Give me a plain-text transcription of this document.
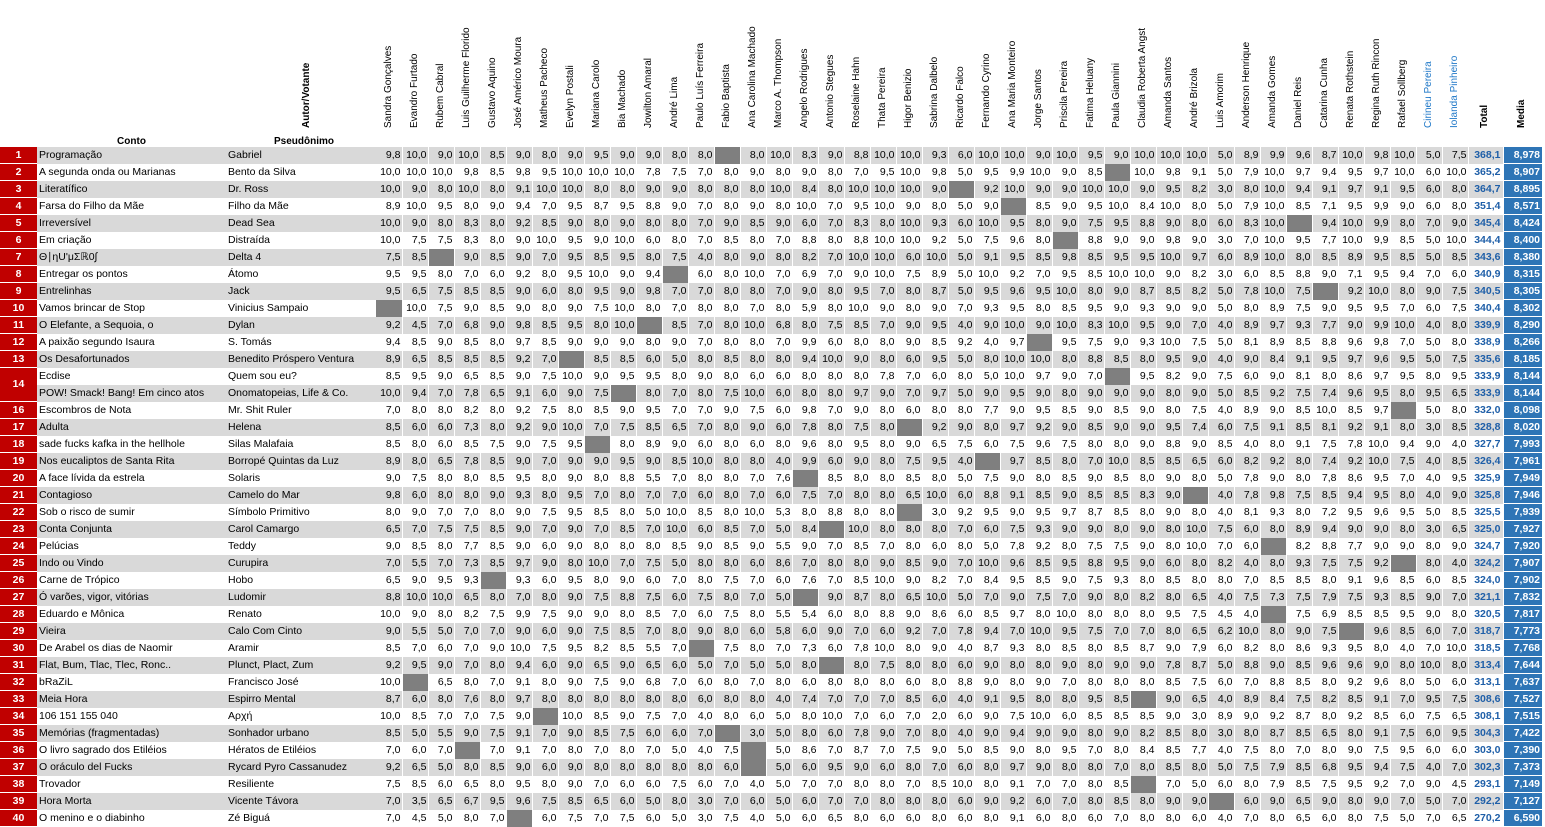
		Autor/Votante	Sandra Gonçalves	Evandro Furtado	Rubem Cabral	Luis Guilherme Florido	Gustavo Aquino	José Américo Moura	Matheus Pacheco	Evelyn Postali	Mariana Carolo	Bia Machado	Jowilton Amaral	André Lima	Paulo Luís Ferreira	Fabio Baptista	Ana Carolina Machado	Marco A. Thompson	Angelo Rodrigues	Antonio Stegues	Roselaine Hahn	Thata Pereira	Higor Benizio	Sabrina Dalbelo	Ricardo Falco	Fernando Cyrino	Ana Maria Monteiro	Jorge Santos	Priscila Pereira	Fatima Heluany	Paula Giannini	Claudia Roberta Angst	Amanda Santos	André Brizola	Luis Amorim	Anderson Henrique	Amanda Gomes	Daniel Reis	Catarina Cunha	Renata Rothstein	Regina Ruth Rincon	Rafael Sollberg	Cirineu Pereira	Iolanda Pinheiro	Total	Media

	Conto	Pseudônimo																																												
1	Programação	Gabriel	9,8	10,0	9,0	10,0	8,5	9,0	8,0	9,0	9,5	9,0	9,0	8,0	8,0		8,0	10,0	8,3	9,0	8,8	10,0	10,0	9,3	6,0	10,0	10,0	9,0	10,0	9,5	9,0	10,0	10,0	10,0	5,0	8,9	9,9	9,6	8,7	10,0	9,8	10,0	5,0	7,5	368,1	8,978
2	A segunda onda ou Marianas	Bento da Silva	10,0	10,0	10,0	9,8	8,5	9,8	9,5	10,0	10,0	10,0	7,8	7,5	7,0	8,0	9,0	8,0	9,0	8,0	7,0	9,5	10,0	9,8	5,0	9,5	9,9	10,0	9,0	8,5		10,0	9,8	9,1	5,0	7,9	10,0	9,7	9,4	9,5	9,7	10,0	6,0	10,0	365,2	8,907
3	Literatífico	Dr. Ross	10,0	9,0	8,0	10,0	8,0	9,1	10,0	10,0	8,0	8,0	9,0	9,0	8,0	8,0	8,0	10,0	8,4	8,0	10,0	10,0	10,0	9,0		9,2	10,0	9,0	9,0	10,0	10,0	9,0	9,5	8,2	3,0	8,0	10,0	9,4	9,1	9,7	9,1	9,5	6,0	8,0	364,7	8,895
4	Farsa do Filho da Mãe	Filho da Mãe	8,9	10,0	9,5	8,0	9,0	9,4	7,0	9,5	8,7	9,5	8,8	9,0	7,0	8,0	9,0	8,0	10,0	7,0	9,5	10,0	9,0	8,0	5,0	9,0		8,5	9,0	9,5	10,0	8,4	10,0	8,0	5,0	7,9	10,0	8,5	7,1	9,5	9,9	9,0	6,0	8,0	351,4	8,571
5	Irreversível	Dead Sea	10,0	9,0	8,0	8,3	8,0	9,2	8,5	9,0	8,0	9,0	8,0	8,0	7,0	9,0	8,5	9,0	6,0	7,0	8,3	8,0	10,0	9,3	6,0	10,0	9,5	8,0	9,0	7,5	9,5	8,8	9,0	8,0	6,0	8,3	10,0		9,4	10,0	9,9	8,0	7,0	9,0	345,4	8,424
6	Em criação	Distraída	10,0	7,5	7,5	8,3	8,0	9,0	10,0	9,5	9,0	10,0	6,0	8,0	7,0	8,5	8,0	7,0	8,8	8,0	8,8	10,0	10,0	9,2	5,0	7,5	9,6	8,0		8,8	9,0	9,0	9,8	9,0	3,0	7,0	10,0	9,5	7,7	10,0	9,9	8,5	5,0	10,0	344,4	8,400
7	Θ∣ηU'μΣℝ0∫	Delta 4	7,5	8,5		9,0	8,5	9,0	7,0	9,5	8,5	9,5	8,0	7,5	4,0	8,0	9,0	8,0	8,2	7,0	10,0	10,0	6,0	10,0	5,0	9,1	9,5	8,5	9,8	8,5	9,5	9,5	10,0	9,7	6,0	8,9	10,0	8,0	8,5	8,9	9,5	8,5	5,0	8,5	343,6	8,380
8	Entregar os pontos	Átomo	9,5	9,5	8,0	7,0	6,0	9,2	8,0	9,5	10,0	9,0	9,4		6,0	8,0	10,0	7,0	6,9	7,0	9,0	10,0	7,5	8,9	5,0	10,0	9,2	7,0	9,5	8,5	10,0	10,0	9,0	8,2	3,0	6,0	8,5	8,8	9,0	7,1	9,5	9,4	7,0	6,0	340,9	8,315
9	Entrelinhas	Jack	9,5	6,5	7,5	8,5	8,5	9,0	6,0	8,0	9,5	9,0	9,8	7,0	7,0	8,0	8,0	7,0	9,0	8,0	9,5	7,0	8,0	8,7	5,0	9,5	9,6	9,5	10,0	8,0	9,0	8,7	8,5	8,2	5,0	7,8	10,0	7,5		9,2	10,0	8,0	9,0	7,5	340,5	8,305
10	Vamos brincar de Stop	Vinicius Sampaio		10,0	7,5	9,0	8,5	9,0	8,0	9,0	7,5	10,0	8,0	7,0	8,0	8,0	7,0	8,0	5,9	8,0	10,0	9,0	8,0	9,0	7,0	9,3	9,5	8,0	8,5	9,5	9,0	9,3	9,0	9,0	5,0	8,0	8,9	7,5	9,0	9,5	9,5	7,0	6,0	7,5	340,4	8,302
11	O Elefante, a Sequoia, o	Dylan	9,2	4,5	7,0	6,8	9,0	9,8	8,5	9,5	8,0	10,0		8,5	7,0	8,0	10,0	6,8	8,0	7,5	8,5	7,0	9,0	9,5	4,0	9,0	10,0	9,0	10,0	8,3	10,0	9,5	9,0	7,0	4,0	8,9	9,7	9,3	7,7	9,0	9,9	10,0	4,0	8,0	339,9	8,290
12	A paixão segundo Isaura	S. Tomás	9,4	8,5	9,0	8,5	8,0	9,7	8,5	9,0	9,0	9,0	8,0	9,0	7,0	8,0	8,0	7,0	9,9	6,0	8,0	8,0	9,0	8,5	9,2	4,0	9,7		9,5	7,5	9,0	9,3	10,0	7,5	5,0	8,1	8,9	8,5	8,8	9,6	9,8	7,0	5,0	8,0	338,9	8,266
13	Os Desafortunados	Benedito Próspero Ventura	8,9	6,5	8,5	8,5	8,5	9,2	7,0		8,5	8,5	6,0	5,0	8,0	8,5	8,0	8,0	9,4	10,0	9,0	8,0	6,0	9,5	5,0	8,0	10,0	10,0	8,0	8,8	8,5	8,0	9,5	9,0	4,0	9,0	8,4	9,1	9,5	9,7	9,6	9,5	5,0	7,5	335,6	8,185
14	Ecdise	Quem sou eu?	8,5	9,5	9,0	6,5	8,5	9,0	7,5	10,0	9,0	9,5	9,5	8,0	9,0	8,0	6,0	6,0	8,0	8,0	8,0	7,8	7,0	6,0	8,0	5,0	10,0	9,7	9,0	7,0		9,5	8,2	9,0	7,5	6,0	9,0	8,1	8,0	8,6	9,7	9,5	8,0	9,5	333,9	8,144
	POW! Smack! Bang! Em cinco atos	Onomatopeias, Life & Co.	10,0	9,4	7,0	7,8	6,5	9,1	6,0	9,0	7,5		8,0	7,0	8,0	7,5	10,0	6,0	8,0	8,0	9,7	9,0	7,0	9,7	5,0	9,0	9,5	9,0	8,0	9,0	9,0	9,0	8,0	9,0	5,0	8,5	9,2	7,5	7,4	9,6	9,5	8,0	9,5	6,5	333,9	8,144
16	Escombros de Nota	Mr. Shit Ruler	7,0	8,0	8,0	8,2	8,0	9,2	7,5	8,0	8,5	9,0	9,5	7,0	7,0	9,0	7,5	6,0	9,8	7,0	9,0	8,0	6,0	8,0	8,0	7,7	9,0	9,5	8,5	9,0	8,5	9,0	8,0	7,5	4,0	8,9	9,0	8,5	10,0	8,5	9,7		5,0	8,0	332,0	8,098
17	Adulta	Helena	8,5	6,0	6,0	7,3	8,0	9,2	9,0	10,0	7,0	7,5	8,5	6,5	7,0	8,0	9,0	6,0	7,8	8,0	7,5	8,0		9,2	9,0	8,0	9,7	9,2	9,0	8,5	9,0	9,0	9,5	7,4	6,0	7,5	9,1	8,5	8,1	9,2	9,1	8,0	3,0	8,5	328,8	8,020
18	sade fucks kafka in the hellhole	Silas Malafaia	8,5	8,0	6,0	8,5	7,5	9,0	7,5	9,5		8,0	8,9	9,0	6,0	8,0	6,0	8,0	9,6	8,0	9,5	8,0	9,0	6,5	7,5	6,0	7,5	9,6	7,5	8,0	8,0	9,0	8,8	9,0	8,5	4,0	8,0	9,1	7,5	7,8	10,0	9,4	9,0	4,0	327,7	7,993
19	Nos eucaliptos de Santa Rita	Borropé Quintas da Luz	8,9	8,0	6,5	7,8	8,5	9,0	7,0	9,0	9,0	9,5	9,0	8,5	10,0	8,0	8,0	4,0	9,9	6,0	9,0	8,0	7,5	9,5	4,0		9,7	8,5	8,0	7,0	10,0	8,5	8,5	6,5	6,0	8,2	9,2	8,0	7,4	9,2	10,0	7,5	4,0	8,5	326,4	7,961
20	A face lívida da estrela	Solaris	9,0	7,5	8,0	8,0	8,5	9,5	8,0	9,0	8,0	8,8	5,5	7,0	8,0	8,0	7,0	7,6		8,5	8,0	8,0	8,5	8,0	5,0	7,5	9,0	8,0	8,5	9,0	8,5	8,0	9,0	8,0	5,0	7,8	9,0	8,0	7,8	8,6	9,5	7,0	4,0	9,5	325,9	7,949
21	Contagioso	Camelo do Mar	9,8	6,0	8,0	8,0	9,0	9,3	8,0	9,5	7,0	8,0	7,0	7,0	6,0	8,0	7,0	6,0	7,5	7,0	8,0	8,0	6,5	10,0	6,0	8,8	9,1	8,5	9,0	8,5	8,5	8,3	9,0		4,0	7,8	9,8	7,5	8,5	9,4	9,5	8,0	4,0	9,0	325,8	7,946
22	Sob o risco de sumir	Símbolo Primitivo	8,0	9,0	7,0	7,0	8,0	9,0	7,5	9,5	8,5	8,0	5,0	10,0	8,5	8,0	10,0	5,3	8,0	8,8	8,0	8,0		3,0	9,2	9,5	9,0	9,5	9,7	8,7	8,5	8,0	9,0	8,0	4,0	8,1	9,3	8,0	7,2	9,5	9,6	9,5	5,0	8,5	325,5	7,939
23	Conta Conjunta	Carol Camargo	6,5	7,0	7,5	7,5	8,5	9,0	7,0	9,0	7,0	8,5	7,0	10,0	6,0	8,5	7,0	5,0	8,4		10,0	8,0	8,0	8,0	7,0	6,0	7,5	9,3	9,0	9,0	8,0	9,0	8,0	10,0	7,5	6,0	8,0	8,9	9,4	9,0	9,0	8,0	3,0	6,5	325,0	7,927
24	Pelúcias	Teddy	9,0	8,5	8,0	7,7	8,5	9,0	6,0	9,0	8,0	8,0	8,0	8,5	9,0	8,5	9,0	5,5	9,0	7,0	8,5	7,0	8,0	6,0	8,0	5,0	7,8	9,2	8,0	7,5	7,5	9,0	8,0	10,0	7,0	6,0		8,2	8,8	7,7	9,0	9,0	8,0	9,0	324,7	7,920
25	Indo ou Vindo	Curupira	7,0	5,5	7,0	7,3	8,5	9,7	9,0	8,0	10,0	7,0	7,5	5,0	8,0	8,0	6,0	8,6	7,0	8,0	8,0	9,0	8,5	9,0	7,0	10,0	9,6	8,5	9,5	8,8	9,5	9,0	6,0	8,0	8,2	4,0	8,0	9,3	7,5	7,5	9,2		8,0	4,0	324,2	7,907
26	Carne de Trópico	Hobo	6,5	9,0	9,5	9,3		9,3	6,0	9,5	8,0	9,0	6,0	7,0	8,0	7,5	7,0	6,0	7,6	7,0	8,5	10,0	9,0	8,2	7,0	8,4	9,5	8,5	9,0	7,5	9,3	8,0	8,5	8,0	8,0	7,0	8,5	8,5	8,0	9,1	9,6	8,5	6,0	8,5	324,0	7,902
27	Ó varões, vigor, vitórias	Ludomir	8,8	10,0	10,0	6,5	8,0	7,0	8,0	9,0	7,5	8,8	7,5	6,0	7,5	8,0	7,0	5,0		9,0	8,7	8,0	6,5	10,0	5,0	7,0	9,0	7,5	7,0	9,0	8,0	8,2	8,0	6,5	4,0	7,5	7,3	7,5	7,9	7,5	9,3	8,5	9,0	7,0	321,1	7,832
28	Eduardo e Mônica	Renato	10,0	9,0	8,0	8,2	7,5	9,9	7,5	9,0	9,0	8,0	8,5	7,0	6,0	7,5	8,0	5,5	5,4	6,0	8,0	8,8	9,0	8,6	6,0	8,5	9,7	8,0	10,0	8,0	8,0	8,0	9,5	7,5	4,5	4,0		7,5	6,9	8,5	8,5	9,5	9,0	8,0	320,5	7,817
29	Vieira	Calo Com Cinto	9,0	5,5	5,0	7,0	7,0	9,0	6,0	9,0	7,5	8,5	7,0	8,0	9,0	8,0	6,0	5,8	6,0	9,0	7,0	6,0	9,2	7,0	7,8	9,4	7,0	10,0	9,5	7,5	7,0	7,0	8,0	6,5	6,2	10,0	8,0	9,0	7,5		9,6	8,5	6,0	7,0	318,7	7,773
30	De Arabel os dias de Naomir	Aramir	8,5	7,0	6,0	7,0	9,0	10,0	7,5	9,5	8,2	8,5	5,5	7,0		7,5	8,0	7,0	7,3	6,0	7,8	10,0	8,0	9,0	4,0	8,7	9,3	8,0	8,5	8,0	8,5	8,7	9,0	7,9	6,0	8,2	8,0	8,6	9,3	9,5	8,0	4,0	7,0	10,0	318,5	7,768
31	Flat, Bum, Tlac, Tlec, Ronc..	Plunct, Plact, Zum	9,2	9,5	9,0	7,0	8,0	9,4	6,0	9,0	6,5	9,0	6,5	6,0	5,0	7,0	5,0	5,0	8,0		8,0	7,5	8,0	8,0	6,0	9,0	8,0	8,0	9,0	8,0	9,0	9,0	7,8	8,7	5,0	8,8	9,0	8,5	9,6	9,6	9,0	8,0	10,0	8,0	313,4	7,644
32	bRaZiL	Francisco José	10,0		6,5	8,0	7,0	9,1	8,0	9,0	7,5	9,0	6,8	7,0	6,0	8,0	7,0	8,0	6,0	8,0	8,0	8,0	6,0	8,0	8,8	9,0	8,0	9,0	7,0	8,0	8,0	8,0	8,5	7,5	6,0	7,0	8,8	8,5	8,0	9,2	9,6	8,0	5,0	6,0	313,1	7,637
33	Meia Hora	Espirro Mental	8,7	6,0	8,0	7,6	8,0	9,7	8,0	8,0	8,0	8,0	8,0	8,0	6,0	8,0	8,0	4,0	7,4	7,0	7,0	7,0	8,5	6,0	4,0	9,1	9,5	8,0	8,0	9,5	8,5		9,0	6,5	4,0	8,9	8,4	7,5	8,2	8,5	9,1	7,0	9,5	7,5	308,6	7,527
34	106 151 155 040	Αρχή	10,0	8,5	7,0	7,0	7,5	9,0		10,0	8,5	9,0	7,5	7,0	4,0	8,0	6,0	5,0	8,0	10,0	7,0	6,0	7,0	2,0	6,0	9,0	7,5	10,0	6,0	8,5	8,5	8,5	9,0	3,0	8,9	9,0	9,2	8,7	8,0	9,2	8,5	6,0	7,5	6,5	308,1	7,515
35	Memórias (fragmentadas)	Sonhador urbano	8,5	5,0	5,5	9,0	7,5	9,1	7,0	9,0	8,5	7,5	6,0	6,0	7,0		3,0	5,0	8,0	6,0	7,8	9,0	7,0	8,0	4,0	9,0	9,4	9,0	9,0	8,0	9,0	8,2	8,5	8,0	3,0	8,0	8,7	8,5	6,5	8,0	9,1	7,5	6,0	9,5	304,3	7,422
36	O livro sagrado dos Etiléios	Hératos de Etiléios	7,0	6,0	7,0		7,0	9,1	7,0	8,0	7,0	8,0	7,0	5,0	4,0	7,5		5,0	8,6	7,0	8,7	7,0	7,5	9,0	5,0	8,5	9,0	8,0	9,5	7,0	8,0	8,4	8,5	7,7	4,0	7,5	8,0	7,0	8,0	9,0	7,5	9,5	6,0	6,0	303,0	7,390
37	O oráculo del Fucks	Rycard Pyro Cassanudez	9,2	6,5	5,0	8,0	8,5	9,0	6,0	9,0	8,0	8,0	8,0	8,0	8,0	6,0		5,0	6,0	9,5	9,0	6,0	8,0	7,0	6,0	8,0	9,7	9,0	8,0	8,0	7,0	8,0	8,5	8,0	5,0	7,5	7,9	8,5	6,8	9,5	9,4	7,5	4,0	7,0	302,3	7,373
38	Trovador	Resiliente	7,5	8,5	6,0	6,5	8,0	9,5	8,0	9,0	7,0	6,0	6,0	7,5	6,0	7,0	4,0	5,0	7,0	7,0	8,0	8,0	7,0	8,5	10,0	8,0	9,1	7,0	7,0	8,0	8,5		7,0	5,0	6,0	8,0	7,9	8,5	7,5	9,5	9,2	7,0	9,0	4,5	293,1	7,149
39	Hora Morta	Vicente Távora	7,0	3,5	6,5	6,7	9,5	9,6	7,5	8,5	6,5	6,0	5,0	8,0	3,0	7,0	6,0	5,0	6,0	7,0	7,0	8,0	8,0	8,0	6,0	9,0	9,2	6,0	7,0	8,0	8,5	8,0	9,0	9,0		6,0	9,0	6,5	9,0	8,0	9,0	7,0	5,0	7,0	292,2	7,127
40	O menino e o diabinho	Zé Biguá	7,0	4,5	5,0	8,0	7,0		6,0	7,5	7,0	7,5	6,0	5,0	3,0	7,5	4,0	5,0	6,0	6,5	8,0	6,0	6,0	8,0	6,0	8,0	9,1	6,0	8,0	6,0	7,0	8,0	8,0	6,0	4,0	7,0	8,0	6,5	6,0	8,0	7,5	5,0	7,0	6,5	270,2	6,590
